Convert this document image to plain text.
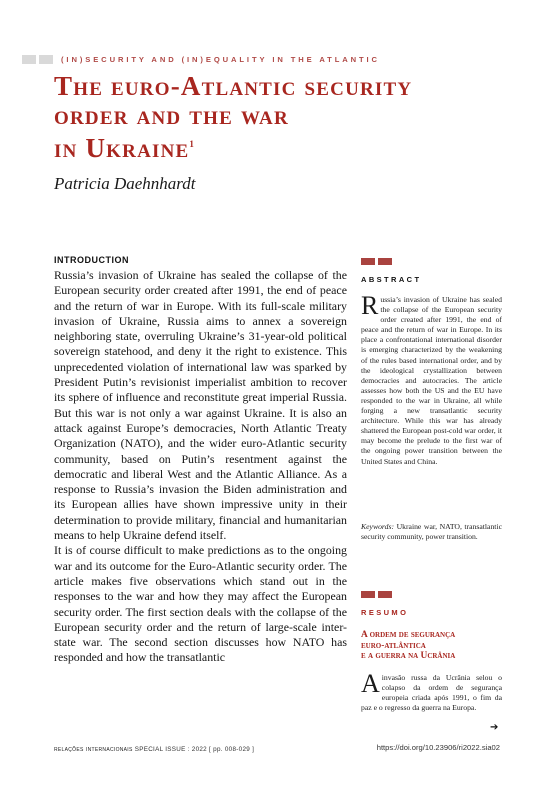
(IN)SECURITY AND (IN)EQUALITY IN THE ATLANTIC
The euro-Atlantic security
order and the war
in Ukraine$^1$
Patricia Daehnhardt
INTRODUCTION

Russia’s invasion of Ukraine has sealed the collapse of the European security order created after 1991, the end of peace and the return of war in Europe. With its full-scale military invasion of Ukraine, Russia aims to annex a sovereign neighboring state, overruling Ukraine’s 31-year-old political sovereign statehood, and deny it the right to existence. This unprecedented violation of international law was sparked by President Putin’s revisionist imperialist ambition to recover its sphere of influence and reconstitute great imperial Russia. But this war is not only a war against Ukraine. It is also an attack against Europe’s democracies, North Atlantic Treaty Organization (NATO), and the wider euro-Atlantic security community, based on Putin’s resentment against the democratic and liberal West and the Atlantic Alliance. As a response to Russia’s invasion the Biden administration and its European allies have shown impressive unity in their determination to provide military, financial and humanitarian means to help Ukraine defend itself.

It is of course difficult to make predictions as to the ongoing war and its outcome for the Euro-Atlantic security order. The article makes five observations which stand out in the responses to the war and how they may affect the European security order. The first section deals with the collapse of the European security order and the return of large-scale inter-state war. The second section discusses how NATO has responded and how the transatlantic

ABSTRACT
Russia’s invasion of Ukraine has sealed the collapse of the European security order created after 1991, the end of peace and the return of war in Europe. In its place a confrontational international disorder is emerging characterized by the weakening of the rules based international order, and by the ideological crystallization between democracies and autocracies. The article assesses how both the US and the EU have responded to the war in Ukraine, all while forging a new transatlantic security architecture. While this war has already shattered the European post-cold war order, it may become the prelude to the first war of the ongoing power transition between the United States and China.
Keywords: Ukraine war, NATO, transatlantic security community, power transition.
RESUMO
A ordem de segurança
euro-atlântica
e a guerra na Ucrânia
Ainvasão russa da Ucrânia selou o colapso da ordem de segurança europeia criada após 1991, o fim da paz e o regresso da guerra na Europa.
➔
relações internacionais SPECIAL ISSUE : 2022 [ pp. 008-029 ]	https://doi.org/10.23906/ri2022.sia02
